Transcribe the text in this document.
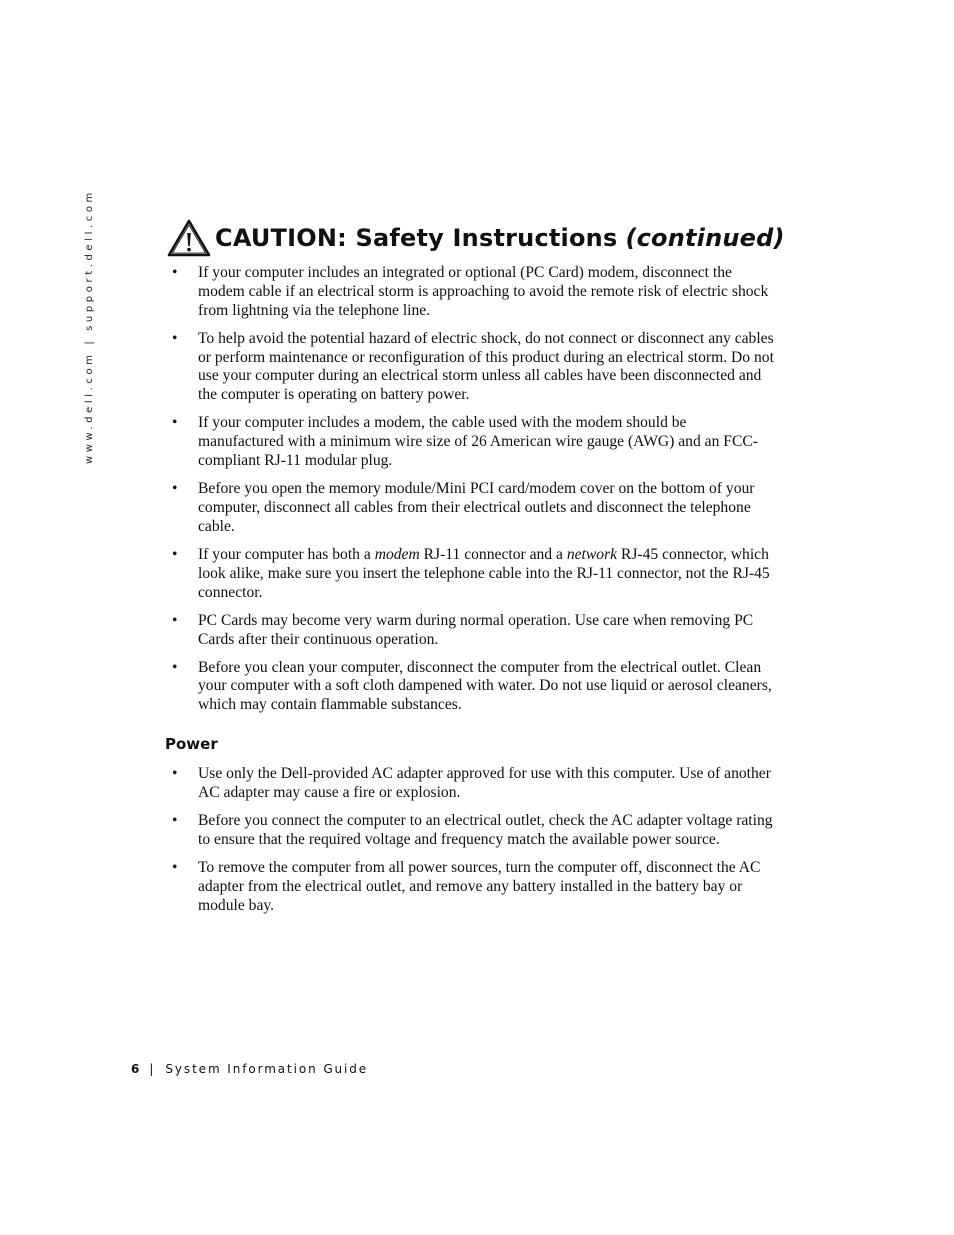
www.dell.com | support.dell.com	CAUTION: Safety Instructions (continued)
• If your computer includes an integrated or optional (PC Card) modem, disconnect the modem cable if an electrical storm is approaching to avoid the remote risk of electric shock from lightning via the telephone line.
• To help avoid the potential hazard of electric shock, do not connect or disconnect any cables or perform maintenance or reconfiguration of this product during an electrical storm. Do not use your computer during an electrical storm unless all cables have been disconnected and the computer is operating on battery power.
• If your computer includes a modem, the cable used with the modem should be manufactured with a minimum wire size of 26 American wire gauge (AWG) and an FCC-compliant RJ-11 modular plug.
• Before you open the memory module/Mini PCI card/modem cover on the bottom of your computer, disconnect all cables from their electrical outlets and disconnect the telephone cable.
• If your computer has both a modem RJ-11 connector and a network RJ-45 connector, which look alike, make sure you insert the telephone cable into the RJ-11 connector, not the RJ-45 connector.
• PC Cards may become very warm during normal operation. Use care when removing PC Cards after their continuous operation.
• Before you clean your computer, disconnect the computer from the electrical outlet. Clean your computer with a soft cloth dampened with water. Do not use liquid or aerosol cleaners, which may contain flammable substances.
Power
• Use only the Dell-provided AC adapter approved for use with this computer. Use of another AC adapter may cause a fire or explosion.
• Before you connect the computer to an electrical outlet, check the AC adapter voltage rating to ensure that the required voltage and frequency match the available power source.
• To remove the computer from all power sources, turn the computer off, disconnect the AC adapter from the electrical outlet, and remove any battery installed in the battery bay or module bay.
6 | System Information Guide
